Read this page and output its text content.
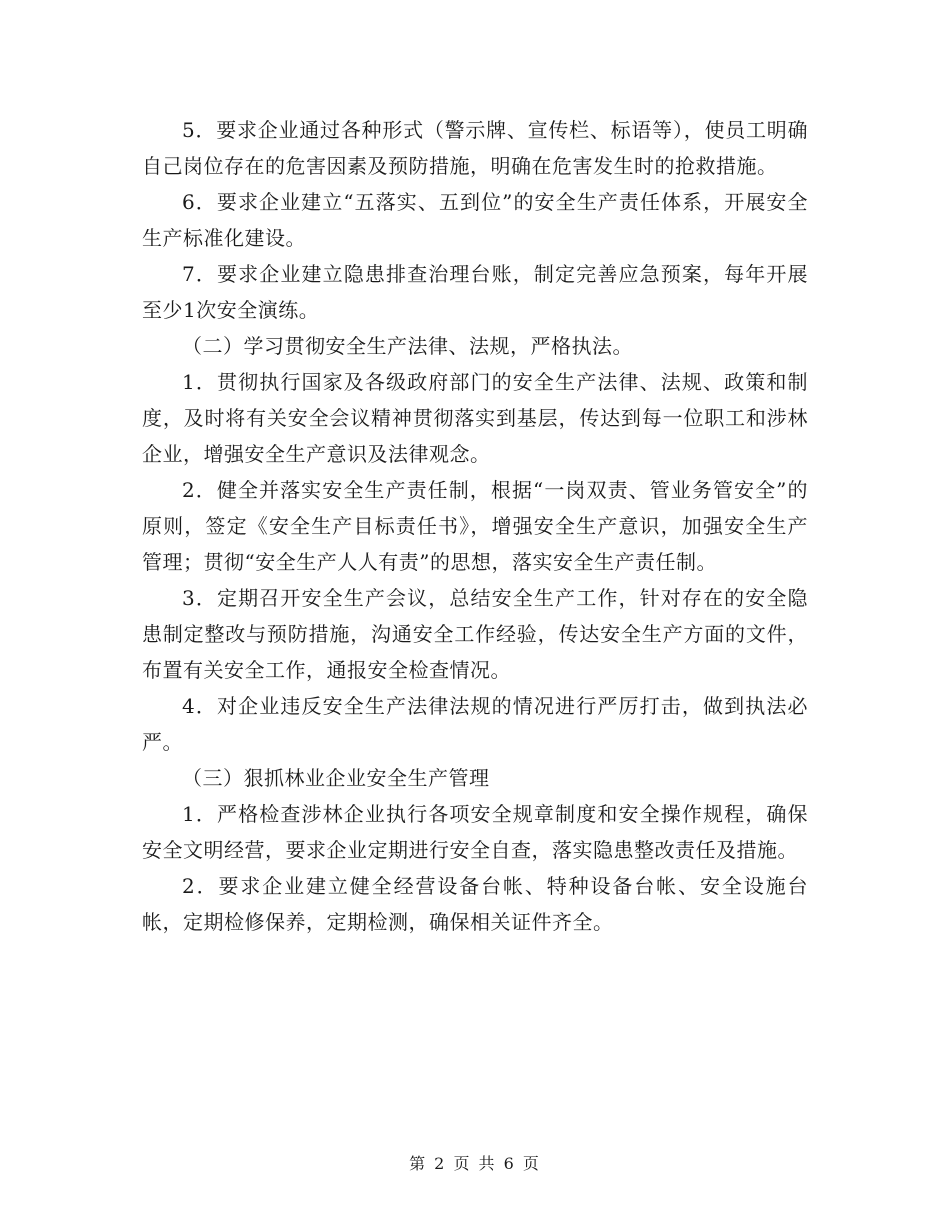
5．要求企业通过各种形式（警示牌、宣传栏、标语等），使员工明确自己岗位存在的危害因素及预防措施，明确在危害发生时的抢救措施。

6．要求企业建立“五落实、五到位”的安全生产责任体系，开展安全生产标准化建设。

7．要求企业建立隐患排查治理台账，制定完善应急预案，每年开展至少1次安全演练。

（二）学习贯彻安全生产法律、法规，严格执法。

1．贯彻执行国家及各级政府部门的安全生产法律、法规、政策和制度，及时将有关安全会议精神贯彻落实到基层，传达到每一位职工和涉林企业，增强安全生产意识及法律观念。

2．健全并落实安全生产责任制，根据“一岗双责、管业务管安全”的原则，签定《安全生产目标责任书》，增强安全生产意识，加强安全生产管理；贯彻“安全生产人人有责”的思想，落实安全生产责任制。

3．定期召开安全生产会议，总结安全生产工作，针对存在的安全隐患制定整改与预防措施，沟通安全工作经验，传达安全生产方面的文件，布置有关安全工作，通报安全检查情况。

4．对企业违反安全生产法律法规的情况进行严厉打击，做到执法必严。

（三）狠抓林业企业安全生产管理

1．严格检查涉林企业执行各项安全规章制度和安全操作规程，确保安全文明经营，要求企业定期进行安全自查，落实隐患整改责任及措施。

2．要求企业建立健全经营设备台帐、特种设备台帐、安全设施台帐，定期检修保养，定期检测，确保相关证件齐全。

第 2 页 共 6 页
